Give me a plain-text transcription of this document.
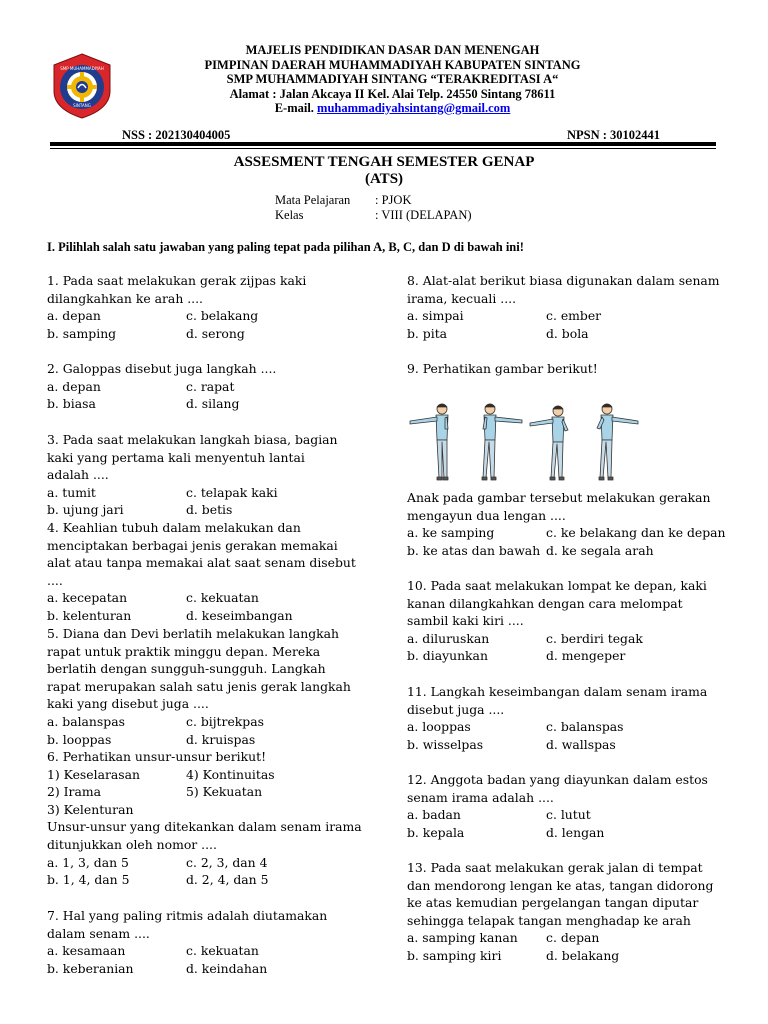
SMP MUHAMMADIYAH
SINTANG
MAJELIS PENDIDIKAN DASAR DAN MENENGAH
PIMPINAN DAERAH MUHAMMADIYAH KABUPATEN SINTANG
SMP MUHAMMADIYAH SINTANG “TERAKREDITASI A“
Alamat : Jalan Akcaya II Kel. Alai Telp. 24550 Sintang 78611
E-mail. muhammadiyahsintang@gmail.com
NSS : 202130404005	NPSN : 30102441
ASSESMENT TENGAH SEMESTER GENAP
(ATS)
Mata Pelajaran : PJOK
Kelas	: VIII (DELAPAN)
I. Pilihlah salah satu jawaban yang paling tepat pada pilihan A, B, C, dan D di bawah ini!
1. Pada saat melakukan gerak zijpas kaki dilangkahkan ke arah ....
a. depan	c. belakang
b. samping	d. serong
2. Galoppas disebut juga langkah ....
a. depan	c. rapat
b. biasa	d. silang
3. Pada saat melakukan langkah biasa, bagian kaki yang pertama kali menyentuh lantai adalah ....
a. tumit	c. telapak kaki
b. ujung jari	d. betis
4. Keahlian tubuh dalam melakukan dan menciptakan berbagai jenis gerakan memakai alat atau tanpa memakai alat saat senam disebut ....
a. kecepatan	c. kekuatan
b. kelenturan	d. keseimbangan
5. Diana dan Devi berlatih melakukan langkah rapat untuk praktik minggu depan. Mereka berlatih dengan sungguh-sungguh. Langkah rapat merupakan salah satu jenis gerak langkah kaki yang disebut juga ....
a. balanspas	c. bijtrekpas
b. looppas	d. kruispas
6. Perhatikan unsur-unsur berikut!
1) Keselarasan	4) Kontinuitas
2) Irama	5) Kekuatan
3) Kelenturan
Unsur-unsur yang ditekankan dalam senam irama ditunjukkan oleh nomor ....
a. 1, 3, dan 5	c. 2, 3, dan 4
b. 1, 4, dan 5	d. 2, 4, dan 5
7. Hal yang paling ritmis adalah diutamakan dalam senam ....
a. kesamaan	c. kekuatan
b. keberanian	d. keindahan
8. Alat-alat berikut biasa digunakan dalam senam irama, kecuali ....
a. simpai	c. ember
b. pita	d. bola
9. Perhatikan gambar berikut!
Anak pada gambar tersebut melakukan gerakan mengayun dua lengan ....
a. ke samping	c. ke belakang dan ke depan
b. ke atas dan bawah d. ke segala arah
10. Pada saat melakukan lompat ke depan, kaki kanan dilangkahkan dengan cara melompat sambil kaki kiri ....
a. diluruskan	c. berdiri tegak
b. diayunkan	d. mengeper
11. Langkah keseimbangan dalam senam irama disebut juga ....
a. looppas	c. balanspas
b. wisselpas	d. wallspas
12. Anggota badan yang diayunkan dalam estos senam irama adalah ....
a. badan	c. lutut
b. kepala	d. lengan
13. Pada saat melakukan gerak jalan di tempat dan mendorong lengan ke atas, tangan didorong ke atas kemudian pergelangan tangan diputar sehingga telapak tangan menghadap ke arah
a. samping kanan	c. depan
b. samping kiri	d. belakang
